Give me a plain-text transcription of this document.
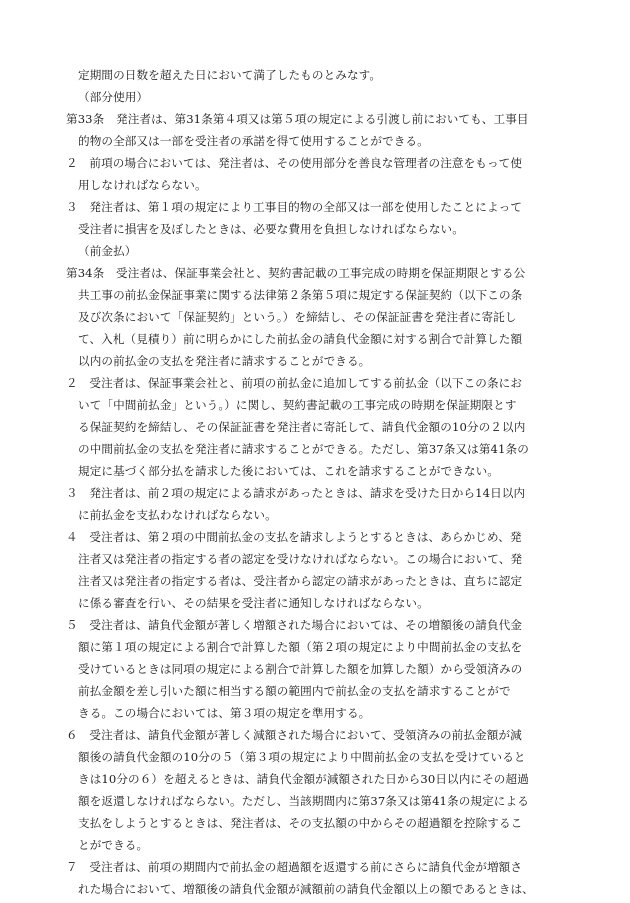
定期間の日数を超えた日において満了したものとみなす。
（部分使用）
第33条　発注者は、第31条第４項又は第５項の規定による引渡し前においても、工事目
的物の全部又は一部を受注者の承諾を得て使用することができる。
２　前項の場合においては、発注者は、その使用部分を善良な管理者の注意をもって使
用しなければならない。
３　発注者は、第１項の規定により工事目的物の全部又は一部を使用したことによって
受注者に損害を及ぼしたときは、必要な費用を負担しなければならない。
（前金払）
第34条　受注者は、保証事業会社と、契約書記載の工事完成の時期を保証期限とする公
共工事の前払金保証事業に関する法律第２条第５項に規定する保証契約（以下この条
及び次条において「保証契約」という。）を締結し、その保証証書を発注者に寄託し
て、入札（見積り）前に明らかにした前払金の請負代金額に対する割合で計算した額
以内の前払金の支払を発注者に請求することができる。
２　受注者は、保証事業会社と、前項の前払金に追加してする前払金（以下この条にお
いて「中間前払金」という。）に関し、契約書記載の工事完成の時期を保証期限とす
る保証契約を締結し、その保証証書を発注者に寄託して、請負代金額の10分の２以内
の中間前払金の支払を発注者に請求することができる。ただし、第37条又は第41条の
規定に基づく部分払を請求した後においては、これを請求することができない。
３　発注者は、前２項の規定による請求があったときは、請求を受けた日から14日以内
に前払金を支払わなければならない。
４　受注者は、第２項の中間前払金の支払を請求しようとするときは、あらかじめ、発
注者又は発注者の指定する者の認定を受けなければならない。この場合において、発
注者又は発注者の指定する者は、受注者から認定の請求があったときは、直ちに認定
に係る審査を行い、その結果を受注者に通知しなければならない。
５　受注者は、請負代金額が著しく増額された場合においては、その増額後の請負代金
額に第１項の規定による割合で計算した額（第２項の規定により中間前払金の支払を
受けているときは同項の規定による割合で計算した額を加算した額）から受領済みの
前払金額を差し引いた額に相当する額の範囲内で前払金の支払を請求することがで
きる。この場合においては、第３項の規定を準用する。
６　受注者は、請負代金額が著しく減額された場合において、受領済みの前払金額が減
額後の請負代金額の10分の５（第３項の規定により中間前払金の支払を受けていると
きは10分の６）を超えるときは、請負代金額が減額された日から30日以内にその超過
額を返還しなければならない。ただし、当該期間内に第37条又は第41条の規定による
支払をしようとするときは、発注者は、その支払額の中からその超過額を控除するこ
とができる。
７　受注者は、前項の期間内で前払金の超過額を返還する前にさらに請負代金が増額さ
れた場合において、増額後の請負代金額が減額前の請負代金額以上の額であるときは、
